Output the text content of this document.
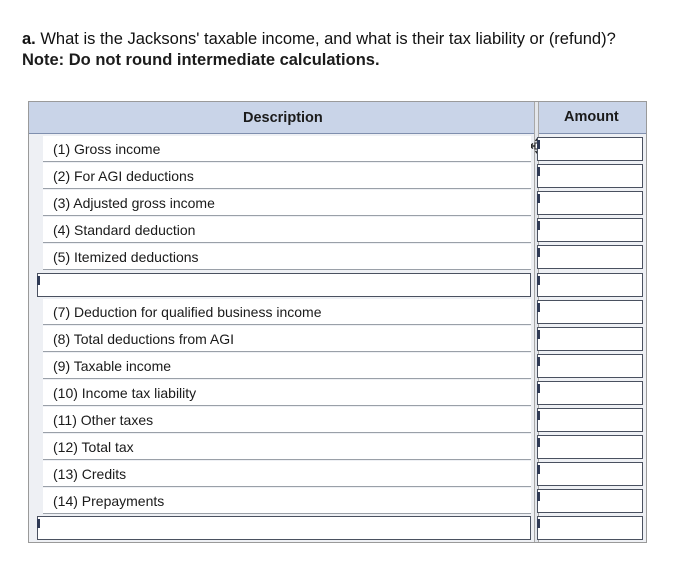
a. What is the Jacksons' taxable income, and what is their tax liability or (refund)?
Note: Do not round intermediate calculations.
Description	Amount
(1) Gross income
(2) For AGI deductions
(3) Adjusted gross income
(4) Standard deduction
(5) Itemized deductions
(7) Deduction for qualified business income
(8) Total deductions from AGI
(9) Taxable income
(10) Income tax liability
(11) Other taxes
(12) Total tax
(13) Credits
(14) Prepayments
